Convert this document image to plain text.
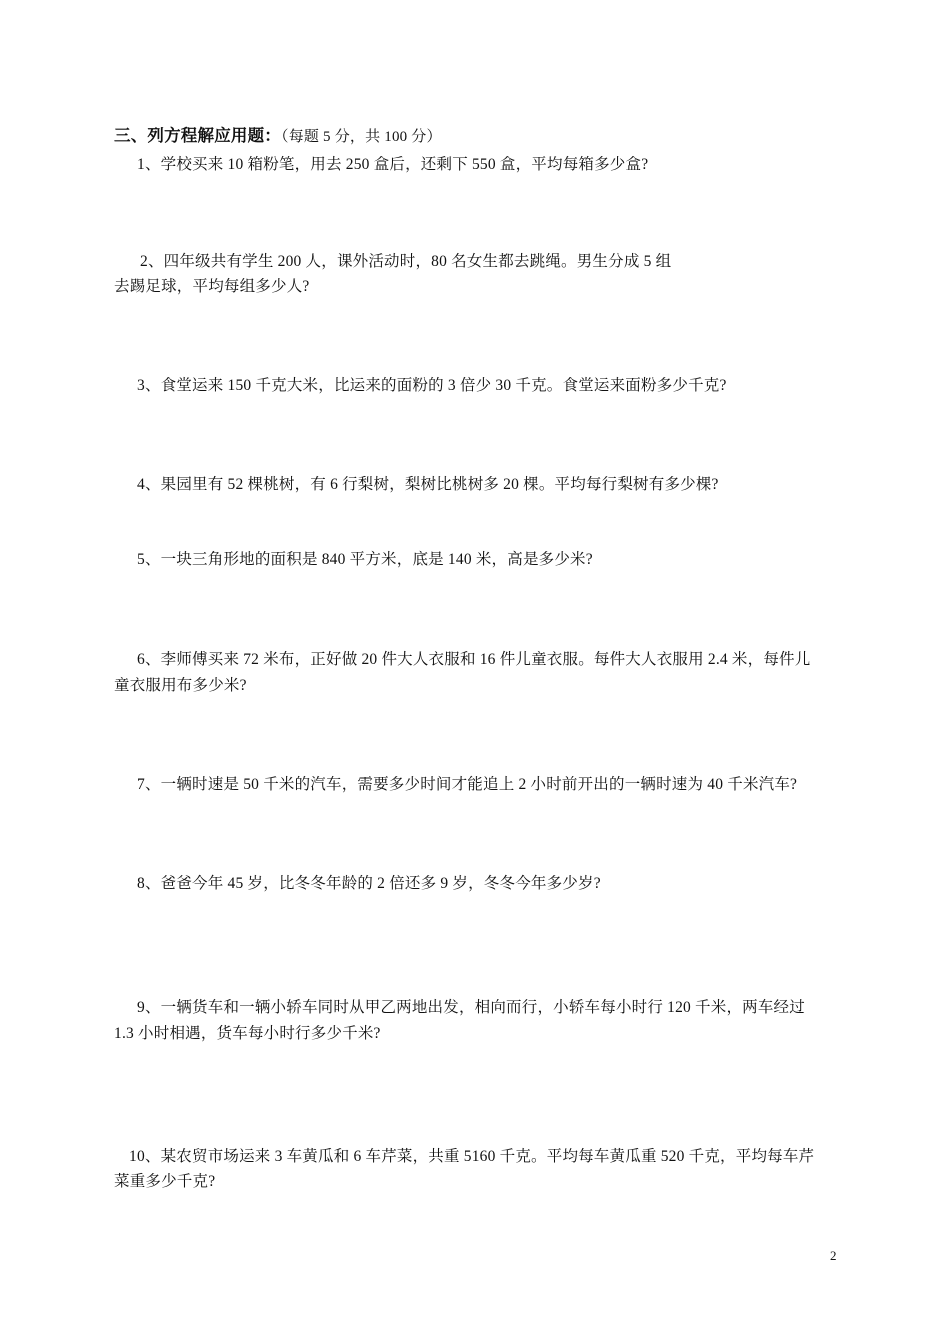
三、列方程解应用题：（每题 5 分，共 100 分）
1、学校买来 10 箱粉笔，用去 250 盒后，还剩下 550 盒，平均每箱多少盒?
2、四年级共有学生 200 人，课外活动时，80 名女生都去跳绳。男生分成 5 组
去踢足球，平均每组多少人?
3、食堂运来 150 千克大米，比运来的面粉的 3 倍少 30 千克。食堂运来面粉多少千克?
4、果园里有 52 棵桃树，有 6 行梨树，梨树比桃树多 20 棵。平均每行梨树有多少棵?
5、一块三角形地的面积是 840 平方米，底是 140 米，高是多少米?
6、李师傅买来 72 米布，正好做 20 件大人衣服和 16 件儿童衣服。每件大人衣服用 2.4 米，每件儿
童衣服用布多少米?
7、一辆时速是 50 千米的汽车，需要多少时间才能追上 2 小时前开出的一辆时速为 40 千米汽车?
8、爸爸今年 45 岁，比冬冬年龄的 2 倍还多 9 岁，冬冬今年多少岁?
9、一辆货车和一辆小轿车同时从甲乙两地出发，相向而行，小轿车每小时行 120 千米，两车经过
1.3 小时相遇，货车每小时行多少千米?
10、某农贸市场运来 3 车黄瓜和 6 车芹菜，共重 5160 千克。平均每车黄瓜重 520 千克，平均每车芹
菜重多少千克?
2
